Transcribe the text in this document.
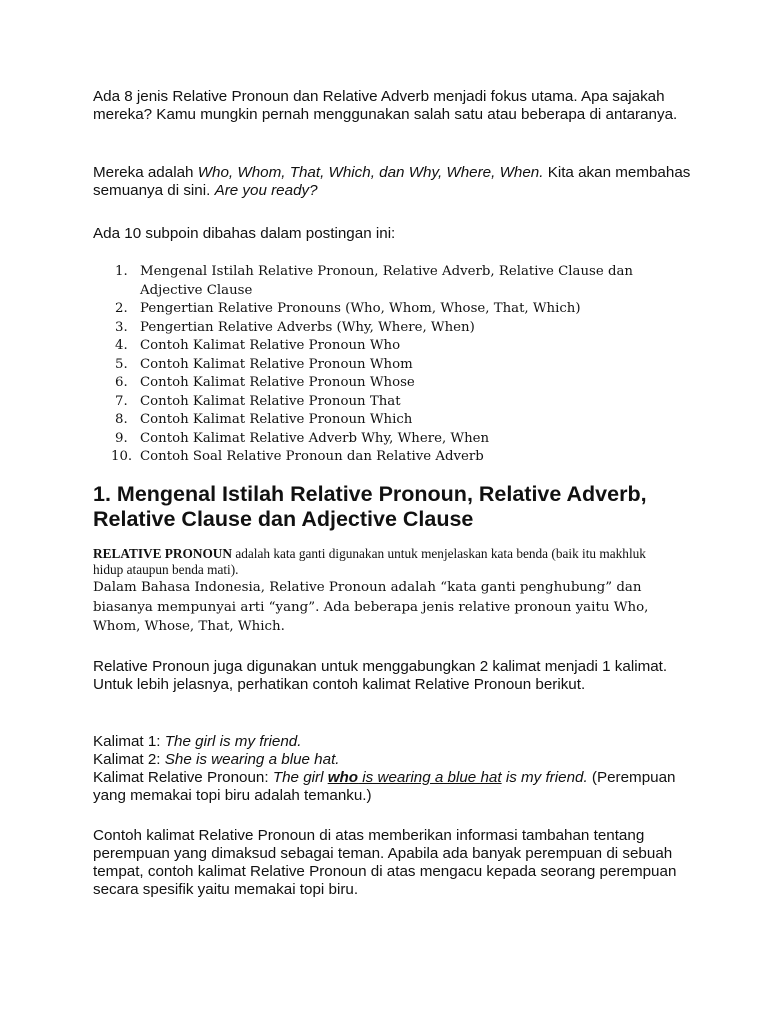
Ada 8 jenis Relative Pronoun dan Relative Adverb menjadi fokus utama. Apa sajakah mereka? Kamu mungkin pernah menggunakan salah satu atau beberapa di antaranya.

Mereka adalah Who, Whom, That, Which, dan Why, Where, When. Kita akan membahas semuanya di sini. Are you ready?

Ada 10 subpoin dibahas dalam postingan ini:

1. Mengenal Istilah Relative Pronoun, Relative Adverb, Relative Clause dan Adjective Clause
2. Pengertian Relative Pronouns (Who, Whom, Whose, That, Which)
3. Pengertian Relative Adverbs (Why, Where, When)
4. Contoh Kalimat Relative Pronoun Who
5. Contoh Kalimat Relative Pronoun Whom
6. Contoh Kalimat Relative Pronoun Whose
7. Contoh Kalimat Relative Pronoun That
8. Contoh Kalimat Relative Pronoun Which
9. Contoh Kalimat Relative Adverb Why, Where, When
10. Contoh Soal Relative Pronoun dan Relative Adverb
1. Mengenal Istilah Relative Pronoun, Relative Adverb, Relative Clause dan Adjective Clause

RELATIVE PRONOUN adalah kata ganti digunakan untuk menjelaskan kata benda (baik itu makhluk hidup ataupun benda mati).

Dalam Bahasa Indonesia, Relative Pronoun adalah “kata ganti penghubung” dan biasanya mempunyai arti “yang”. Ada beberapa jenis relative pronoun yaitu Who, Whom, Whose, That, Which.

Relative Pronoun juga digunakan untuk menggabungkan 2 kalimat menjadi 1 kalimat. Untuk lebih jelasnya, perhatikan contoh kalimat Relative Pronoun berikut.

Kalimat 1: The girl is my friend.
Kalimat 2: She is wearing a blue hat.
Kalimat Relative Pronoun: The girl who is wearing a blue hat is my friend. (Perempuan yang memakai topi biru adalah temanku.)

Contoh kalimat Relative Pronoun di atas memberikan informasi tambahan tentang perempuan yang dimaksud sebagai teman. Apabila ada banyak perempuan di sebuah tempat, contoh kalimat Relative Pronoun di atas mengacu kepada seorang perempuan secara spesifik yaitu memakai topi biru.
